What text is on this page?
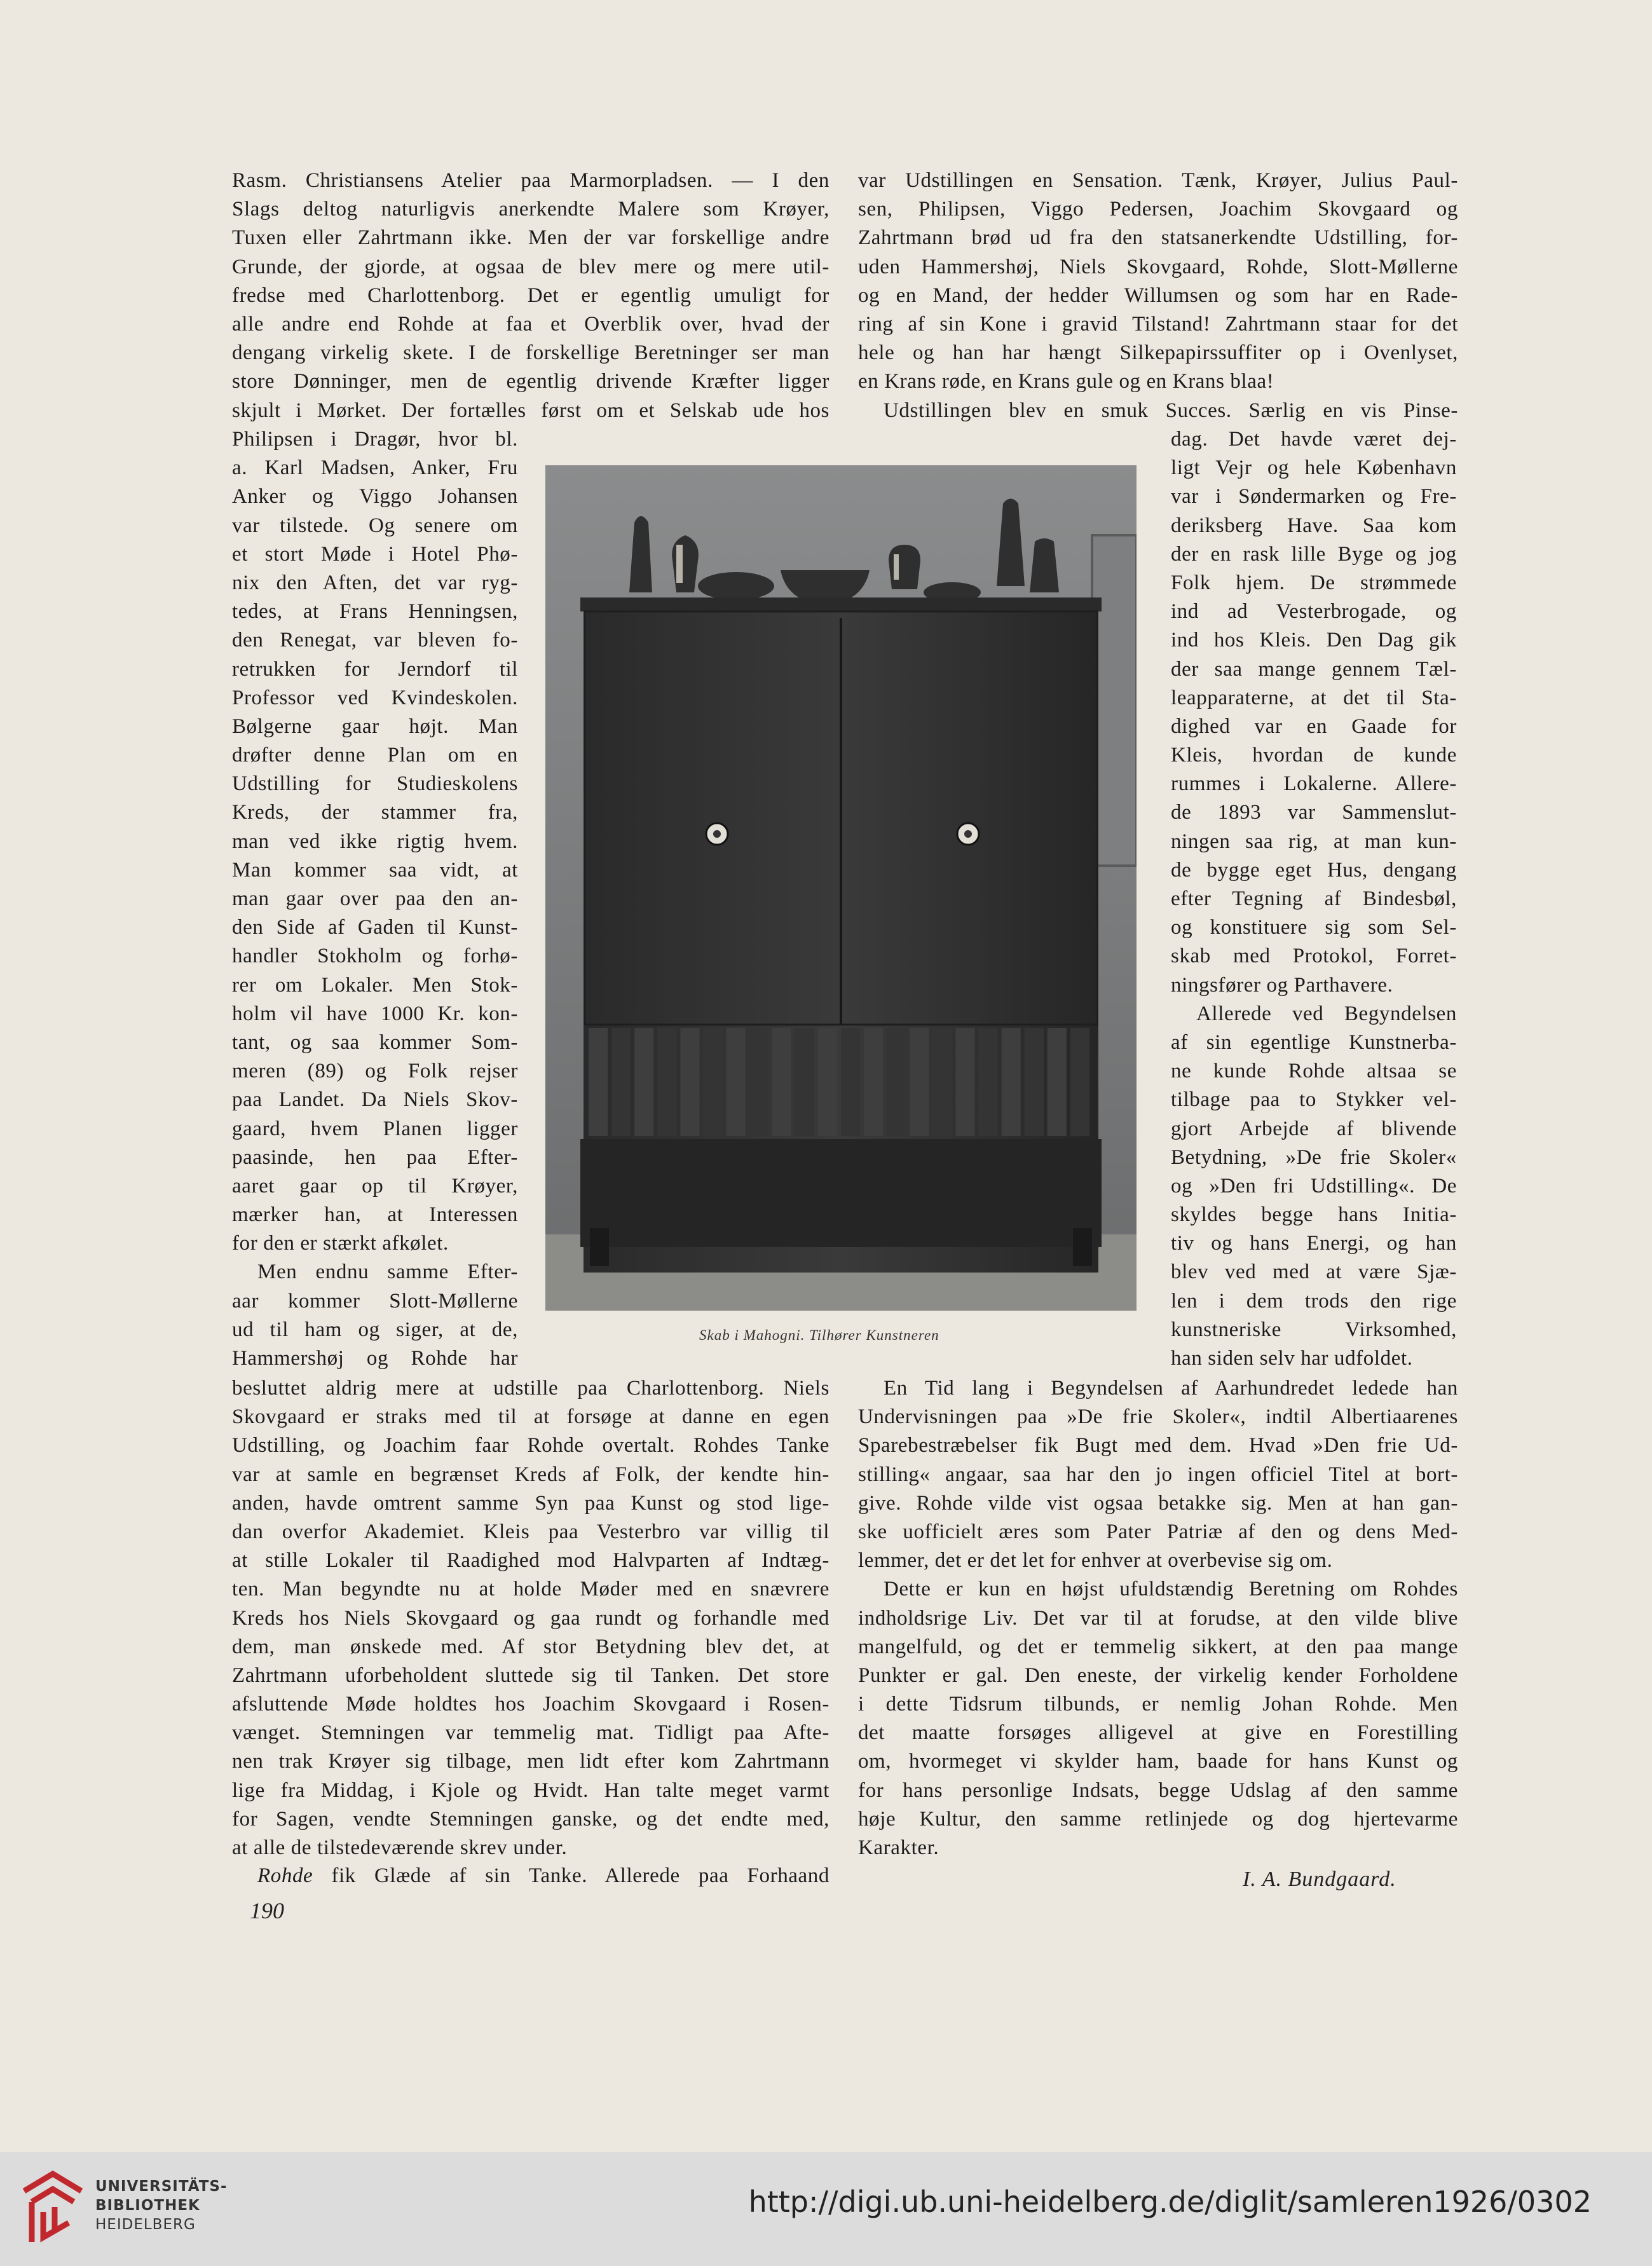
Rasm. Christiansens Atelier paa Marmorpladsen. — I den
Slags deltog naturligvis anerkendte Malere som Krøyer,
Tuxen eller Zahrtmann ikke. Men der var forskellige andre
Grunde, der gjorde, at ogsaa de blev mere og mere util-
fredse med Charlottenborg. Det er egentlig umuligt for
alle andre end Rohde at faa et Overblik over, hvad der
dengang virkelig skete. I de forskellige Beretninger ser man
store Dønninger, men de egentlig drivende Kræfter ligger
skjult i Mørket. Der fortælles først om et Selskab ude hos
Philipsen i Dragør, hvor bl.
a. Karl Madsen, Anker, Fru
Anker og Viggo Johansen
var tilstede. Og senere om
et stort Møde i Hotel Phø-
nix den Aften, det var ryg-
tedes, at Frans Henningsen,
den Renegat, var bleven fo-
retrukken for Jerndorf til
Professor ved Kvindeskolen.
Bølgerne gaar højt. Man
drøfter denne Plan om en
Udstilling for Studieskolens
Kreds, der stammer fra,
man ved ikke rigtig hvem.
Man kommer saa vidt, at
man gaar over paa den an-
den Side af Gaden til Kunst-
handler Stokholm og forhø-
rer om Lokaler. Men Stok-
holm vil have 1000 Kr. kon-
tant, og saa kommer Som-
meren (89) og Folk rejser
paa Landet. Da Niels Skov-
gaard, hvem Planen ligger
paasinde, hen paa Efter-
aaret gaar op til Krøyer,
mærker han, at Interessen
for den er stærkt afkølet.
Men endnu samme Efter-
aar kommer Slott-Møllerne
ud til ham og siger, at de,
Hammershøj og Rohde har
besluttet aldrig mere at udstille paa Charlottenborg. Niels
Skovgaard er straks med til at forsøge at danne en egen
Udstilling, og Joachim faar Rohde overtalt. Rohdes Tanke
var at samle en begrænset Kreds af Folk, der kendte hin-
anden, havde omtrent samme Syn paa Kunst og stod lige-
dan overfor Akademiet. Kleis paa Vesterbro var villig til
at stille Lokaler til Raadighed mod Halvparten af Indtæg-
ten. Man begyndte nu at holde Møder med en snævrere
Kreds hos Niels Skovgaard og gaa rundt og forhandle med
dem, man ønskede med. Af stor Betydning blev det, at
Zahrtmann uforbeholdent sluttede sig til Tanken. Det store
afsluttende Møde holdtes hos Joachim Skovgaard i Rosen-
vænget. Stemningen var temmelig mat. Tidligt paa Afte-
nen trak Krøyer sig tilbage, men lidt efter kom Zahrtmann
lige fra Middag, i Kjole og Hvidt. Han talte meget varmt
for Sagen, vendte Stemningen ganske, og det endte med,
at alle de tilstedeværende skrev under.
Rohde fik Glæde af sin Tanke. Allerede paa Forhaand
var Udstillingen en Sensation. Tænk, Krøyer, Julius Paul-
sen, Philipsen, Viggo Pedersen, Joachim Skovgaard og
Zahrtmann brød ud fra den statsanerkendte Udstilling, for-
uden Hammershøj, Niels Skovgaard, Rohde, Slott-Møllerne
og en Mand, der hedder Willumsen og som har en Rade-
ring af sin Kone i gravid Tilstand! Zahrtmann staar for det
hele og han har hængt Silkepapirssuffiter op i Ovenlyset,
en Krans røde, en Krans gule og en Krans blaa!
Udstillingen blev en smuk Succes. Særlig en vis Pinse-
dag. Det havde været dej-
ligt Vejr og hele København
var i Søndermarken og Fre-
deriksberg Have. Saa kom
der en rask lille Byge og jog
Folk hjem. De strømmede
ind ad Vesterbrogade, og
ind hos Kleis. Den Dag gik
der saa mange gennem Tæl-
leapparaterne, at det til Sta-
dighed var en Gaade for
Kleis, hvordan de kunde
rummes i Lokalerne. Allere-
de 1893 var Sammenslut-
ningen saa rig, at man kun-
de bygge eget Hus, dengang
efter Tegning af Bindesbøl,
og konstituere sig som Sel-
skab med Protokol, Forret-
ningsfører og Parthavere.
Allerede ved Begyndelsen
af sin egentlige Kunstnerba-
ne kunde Rohde altsaa se
tilbage paa to Stykker vel-
gjort Arbejde af blivende
Betydning, »De frie Skoler«
og »Den fri Udstilling«. De
skyldes begge hans Initia-
tiv og hans Energi, og han
blev ved med at være Sjæ-
len i dem trods den rige
kunstneriske Virksomhed,
han siden selv har udfoldet.
En Tid lang i Begyndelsen af Aarhundredet ledede han
Undervisningen paa »De frie Skoler«, indtil Albertiaarenes
Sparebestræbelser fik Bugt med dem. Hvad »Den frie Ud-
stilling« angaar, saa har den jo ingen officiel Titel at bort-
give. Rohde vilde vist ogsaa betakke sig. Men at han gan-
ske uofficielt æres som Pater Patriæ af den og dens Med-
lemmer, det er det let for enhver at overbevise sig om.
Dette er kun en højst ufuldstændig Beretning om Rohdes
indholdsrige Liv. Det var til at forudse, at den vilde blive
mangelfuld, og det er temmelig sikkert, at den paa mange
Punkter er gal. Den eneste, der virkelig kender Forholdene
i dette Tidsrum tilbunds, er nemlig Johan Rohde. Men
det maatte forsøges alligevel at give en Forestilling
om, hvormeget vi skylder ham, baade for hans Kunst og
for hans personlige Indsats, begge Udslag af den samme
høje Kultur, den samme retlinjede og dog hjertevarme
Karakter.
Skab i Mahogni. Tilhører Kunstneren
190
I. A. Bundgaard.
UNIVERSITÄTS-
BIBLIOTHEK
HEIDELBERG
http://digi.ub.uni-heidelberg.de/diglit/samleren1926/0302
